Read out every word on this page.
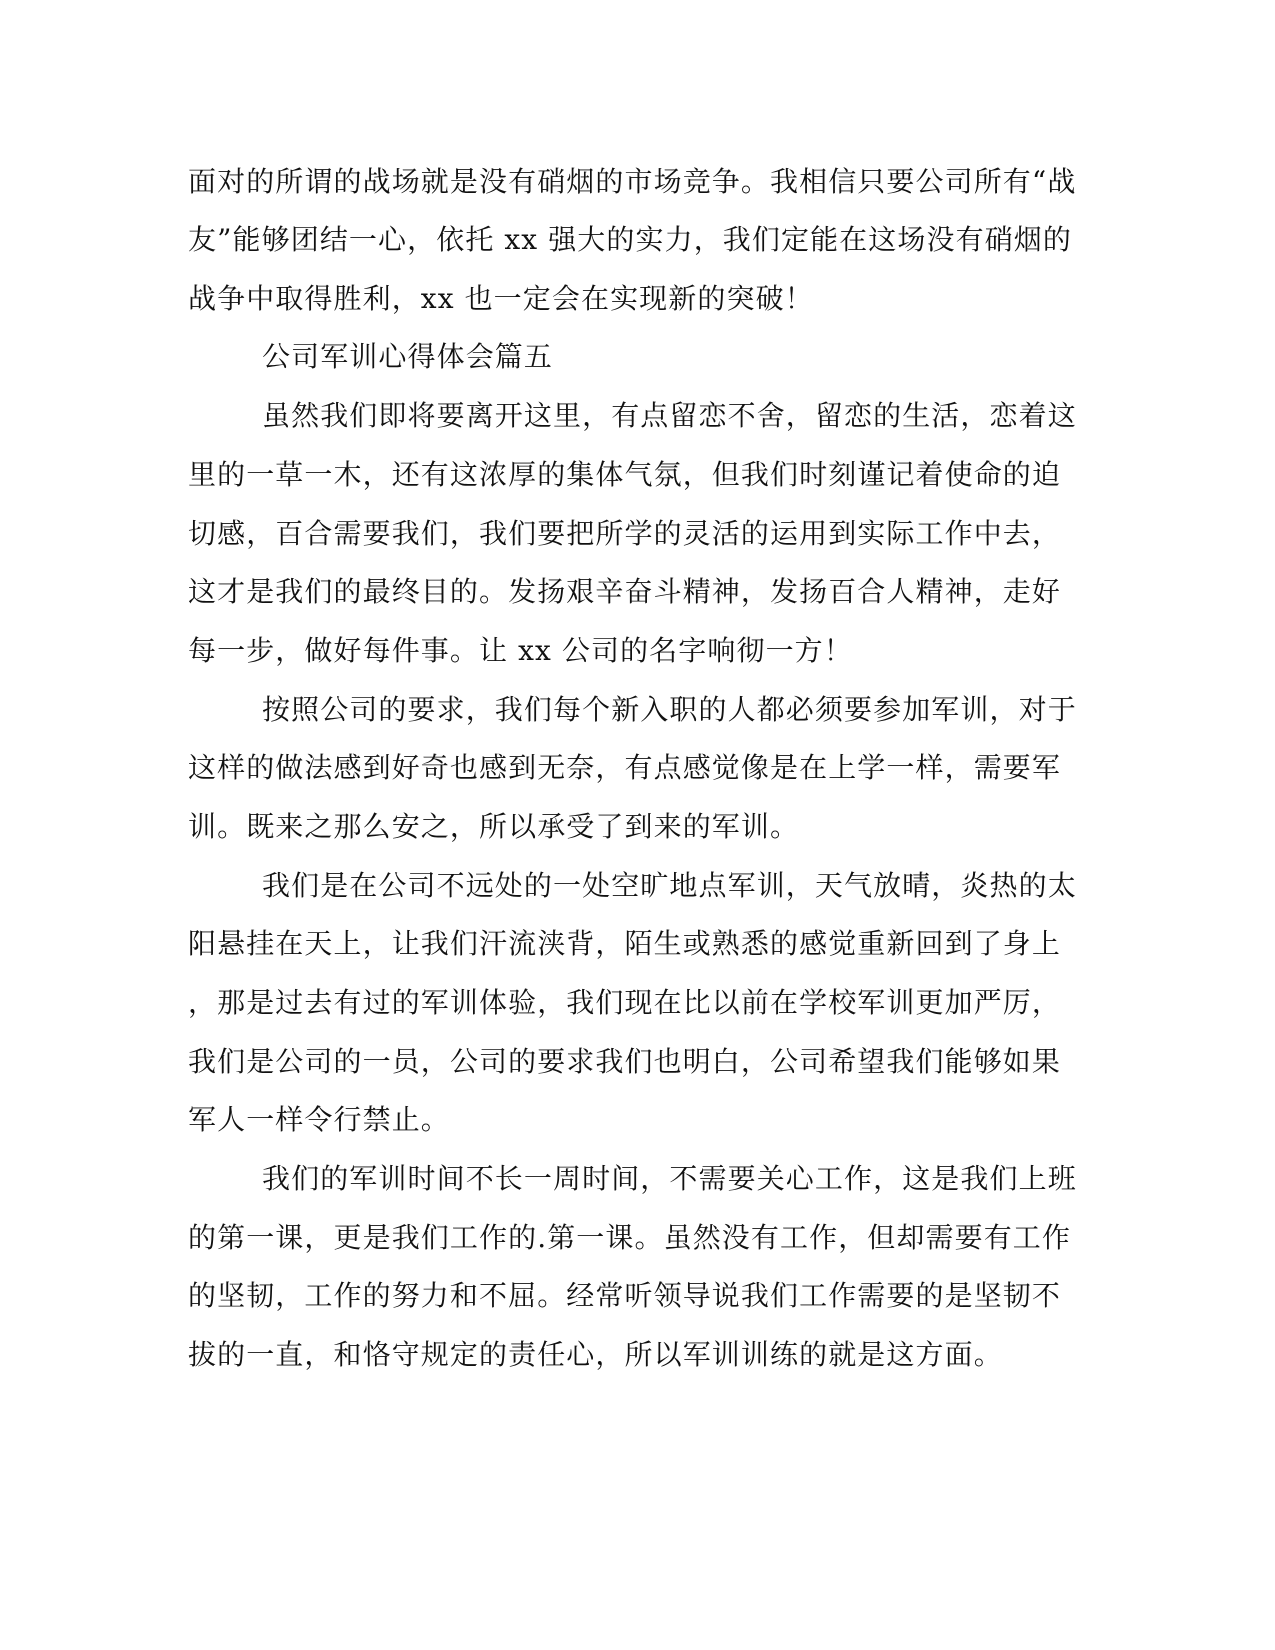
面对的所谓的战场就是没有硝烟的市场竞争。我相信只要公司所有“战
友”能够团结一心，依托 xx 强大的实力，我们定能在这场没有硝烟的
战争中取得胜利，xx 也一定会在实现新的突破！
公司军训心得体会篇五
虽然我们即将要离开这里，有点留恋不舍，留恋的生活，恋着这
里的一草一木，还有这浓厚的集体气氛，但我们时刻谨记着使命的迫
切感，百合需要我们，我们要把所学的灵活的运用到实际工作中去，
这才是我们的最终目的。发扬艰辛奋斗精神，发扬百合人精神，走好
每一步，做好每件事。让 xx 公司的名字响彻一方！
按照公司的要求，我们每个新入职的人都必须要参加军训，对于
这样的做法感到好奇也感到无奈，有点感觉像是在上学一样，需要军
训。既来之那么安之，所以承受了到来的军训。
我们是在公司不远处的一处空旷地点军训，天气放晴，炎热的太
阳悬挂在天上，让我们汗流浃背，陌生或熟悉的感觉重新回到了身上
，那是过去有过的军训体验，我们现在比以前在学校军训更加严厉，
我们是公司的一员，公司的要求我们也明白，公司希望我们能够如果
军人一样令行禁止。
我们的军训时间不长一周时间，不需要关心工作，这是我们上班
的第一课，更是我们工作的.第一课。虽然没有工作，但却需要有工作
的坚韧，工作的努力和不屈。经常听领导说我们工作需要的是坚韧不
拔的一直，和恪守规定的责任心，所以军训训练的就是这方面。
